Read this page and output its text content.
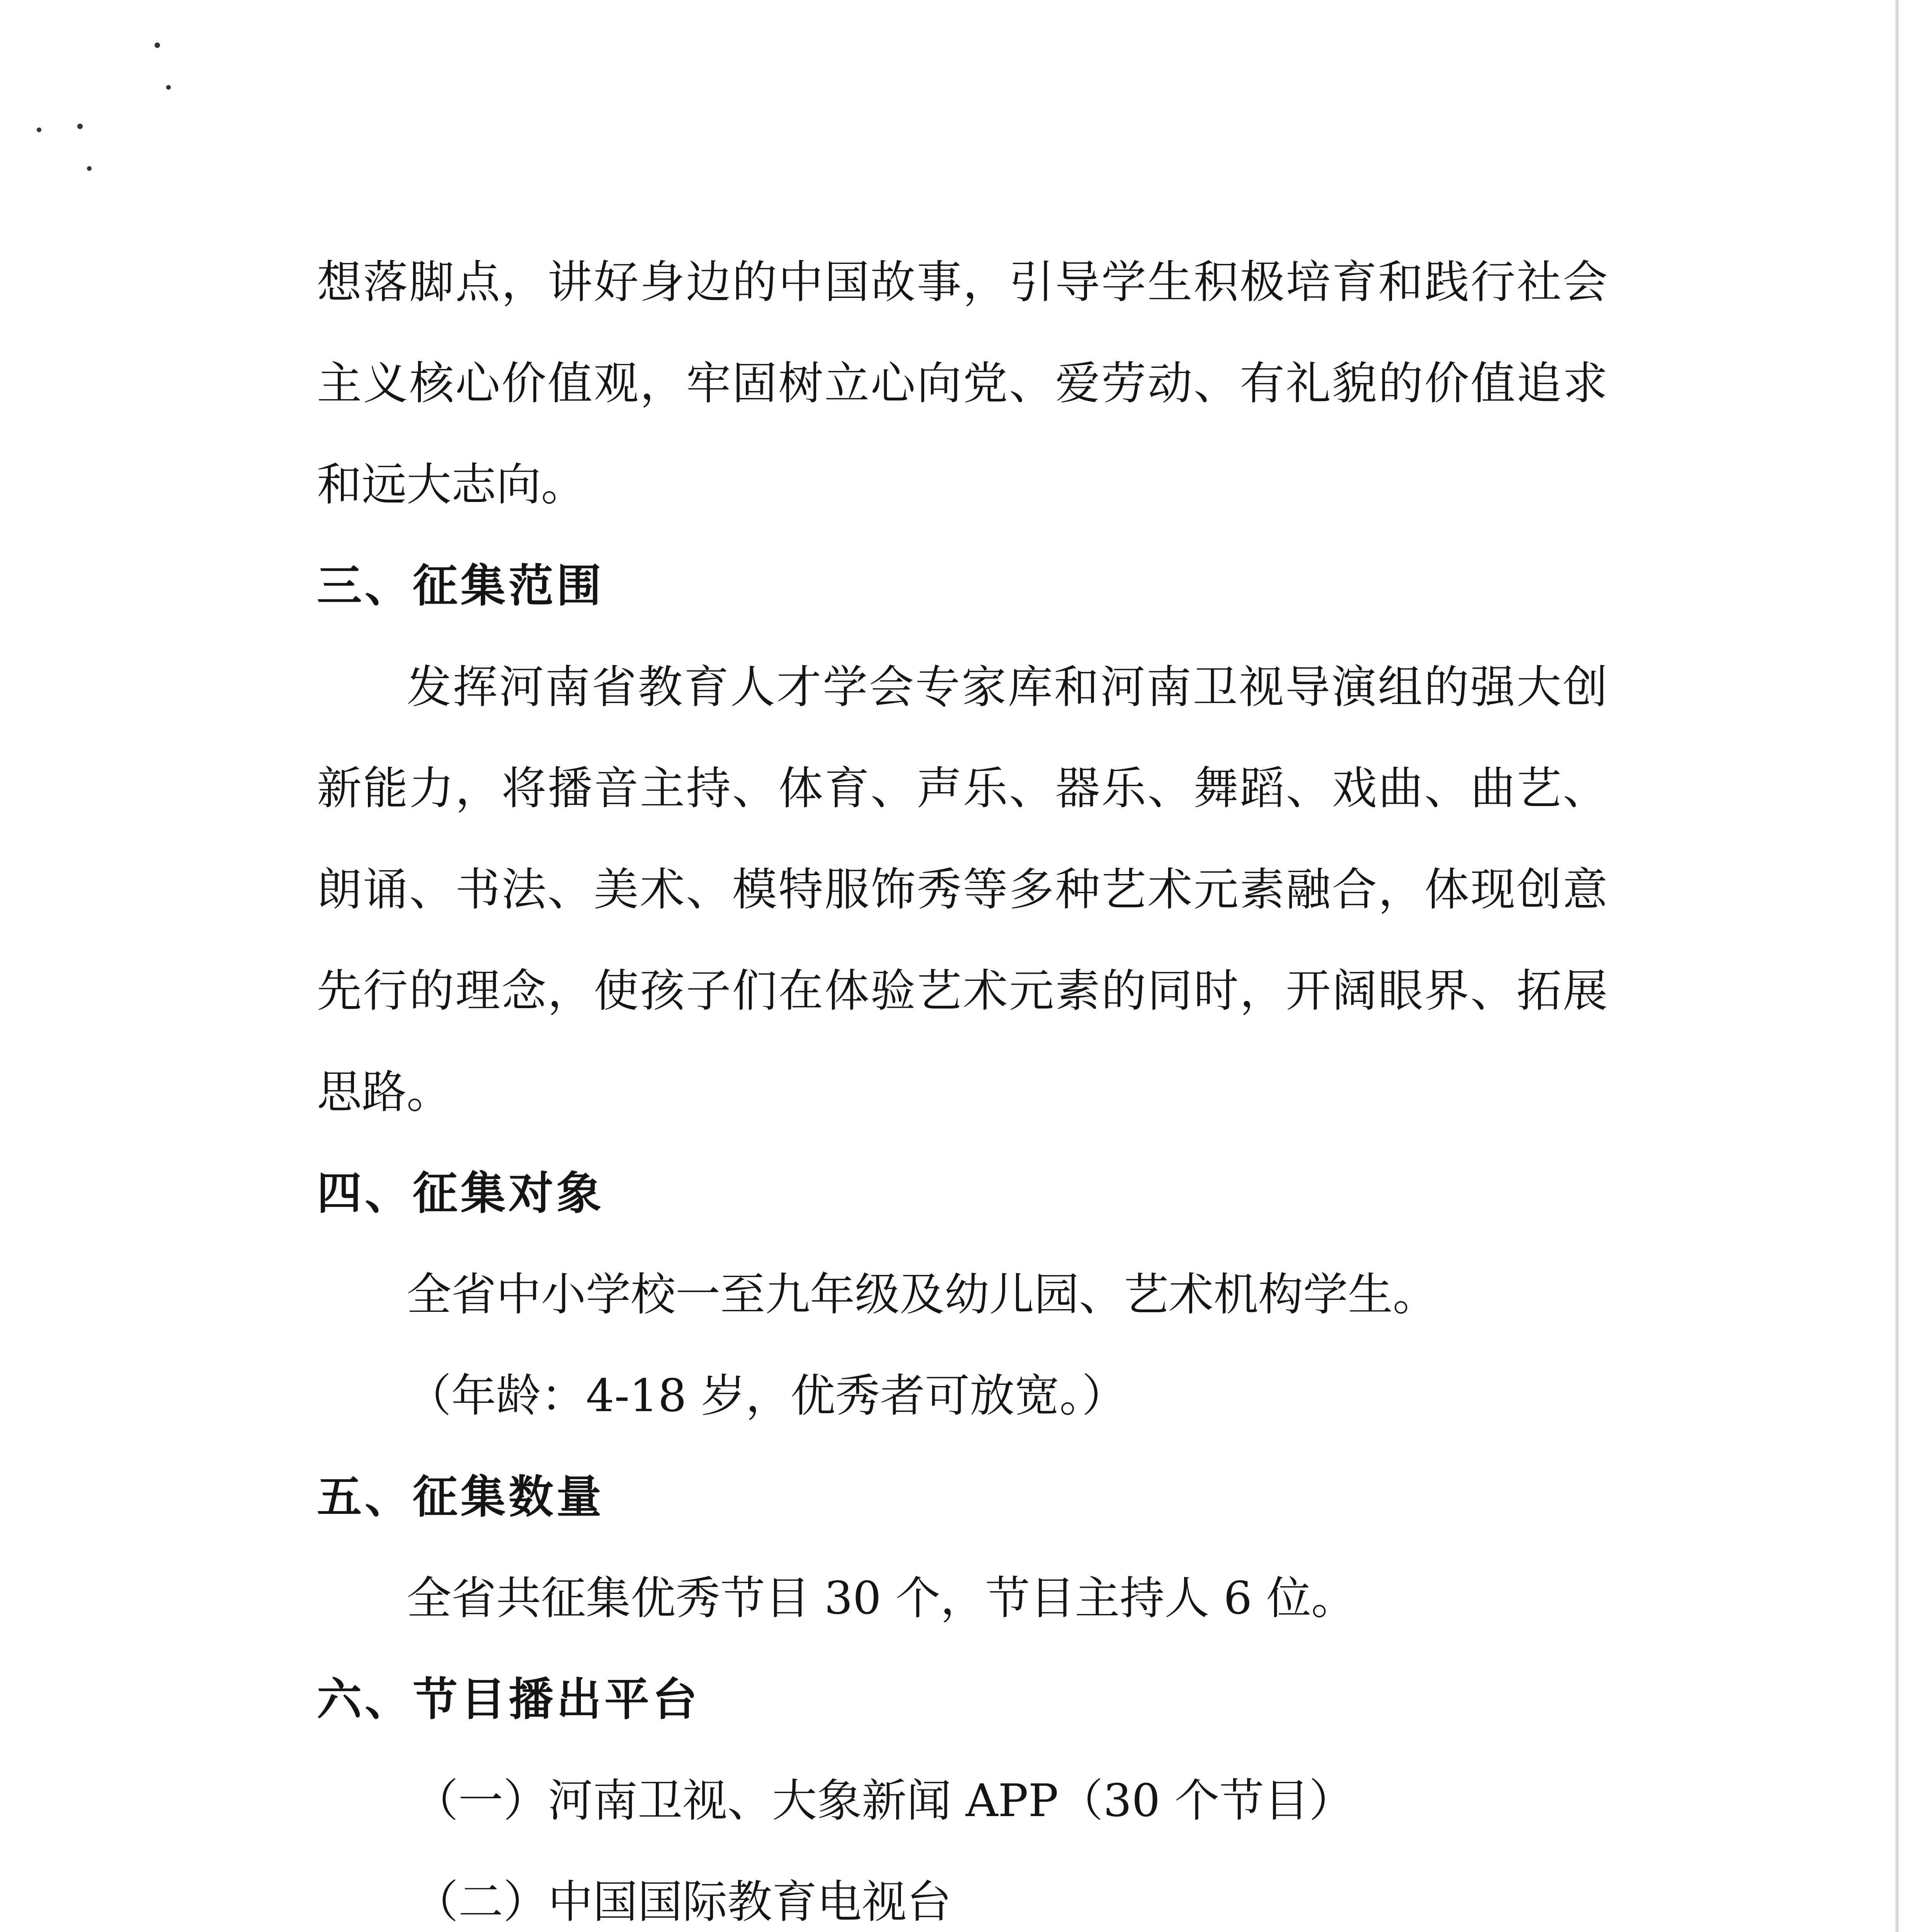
想落脚点，讲好身边的中国故事，引导学生积极培育和践行社会主义核心价值观，牢固树立心向党、爱劳动、有礼貌的价值追求和远大志向。

三、征集范围

发挥河南省教育人才学会专家库和河南卫视导演组的强大创新能力，将播音主持、体育、声乐、器乐、舞蹈、戏曲、曲艺、朗诵、书法、美术、模特服饰秀等多种艺术元素融合，体现创意先行的理念，使孩子们在体验艺术元素的同时，开阔眼界、拓展思路。

四、征集对象

全省中小学校一至九年级及幼儿园、艺术机构学生。

（年龄：4-18 岁，优秀者可放宽。）

五、征集数量

全省共征集优秀节目 30 个，节目主持人 6 位。

六、节目播出平台

（一）河南卫视、大象新闻 APP（30 个节目）

（二）中国国际教育电视台
